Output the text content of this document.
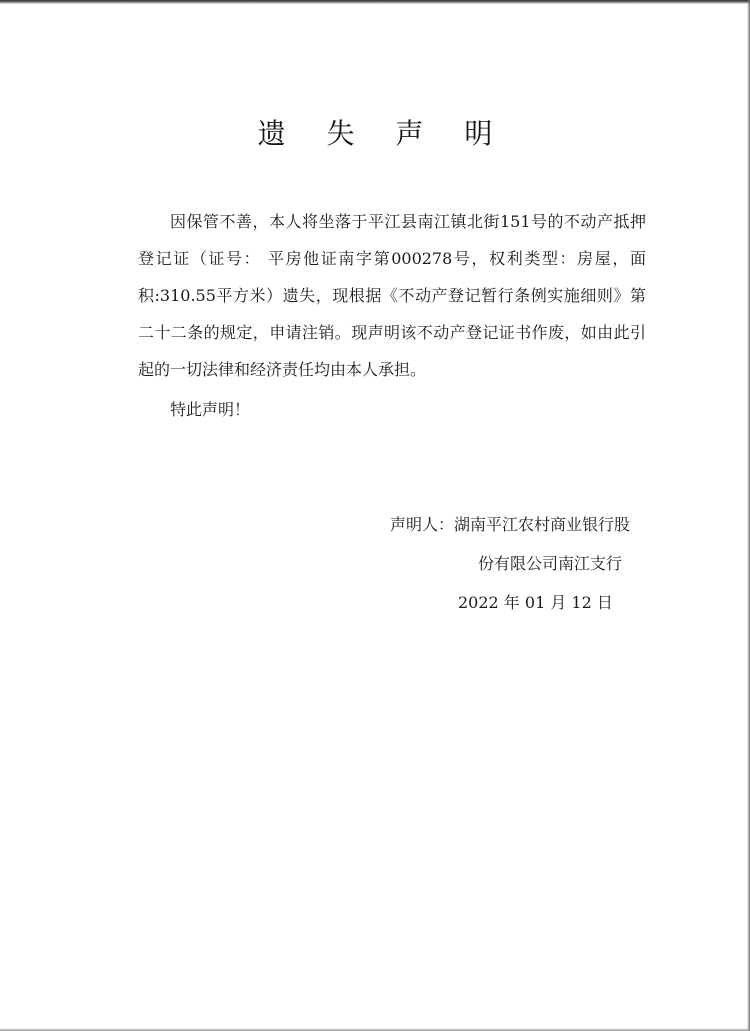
遗 失 声 明

因保管不善，本人将坐落于平江县南江镇北街151号的不动产抵押登记证（证号： 平房他证南字第000278号，权利类型：房屋，面积:310.55平方米）遗失，现根据《不动产登记暂行条例实施细则》第二十二条的规定，申请注销。现声明该不动产登记证书作废，如由此引起的一切法律和经济责任均由本人承担。

特此声明！

声明人：湖南平江农村商业银行股
份有限公司南江支行
2022 年 01 月 12 日
